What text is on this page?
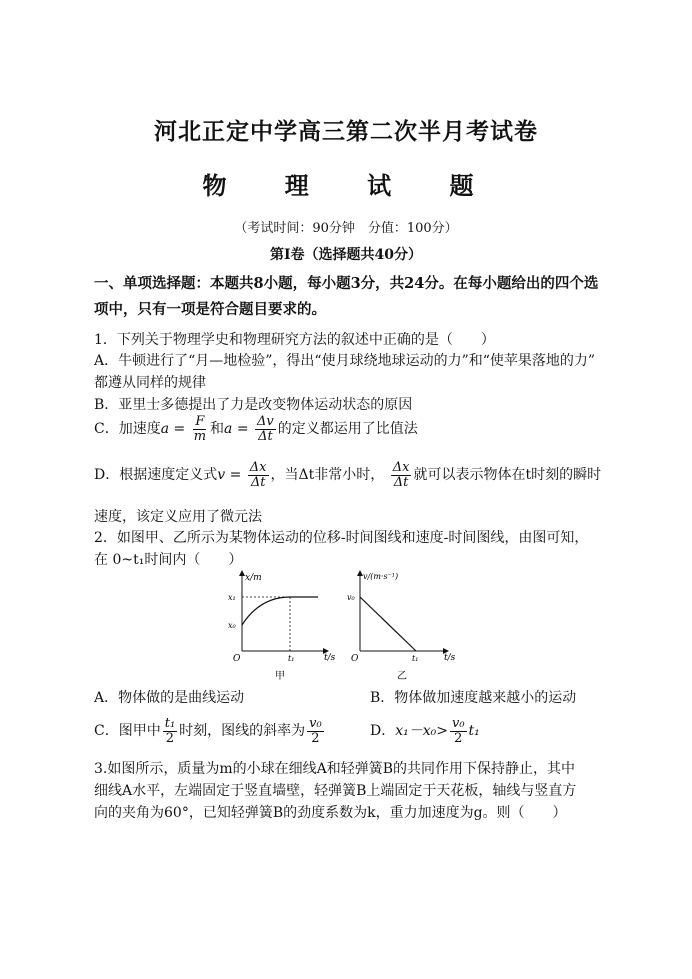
河北正定中学高三第二次半月考试卷
物 理 试 题
（考试时间：90分钟　分值：100分）
第Ⅰ卷（选择题共40分）
一、单项选择题：本题共8小题，每小题3分，共24分。在每小题给出的四个选
项中，只有一项是符合题目要求的。
1．下列关于物理学史和物理研究方法的叙述中正确的是（　　）
A．牛顿进行了“月—地检验”，得出“使月球绕地球运动的力”和“使苹果落地的力”
都遵从同样的规律
B．亚里士多德提出了力是改变物体运动状态的原因
C．加速度$a = \frac{F}{m}$ 和$a = \frac{\Delta v}{\Delta t}$ 的定义都运用了比值法
D．根据速度定义式$v = \frac{\Delta x}{\Delta t}$ ，当Δt非常小时， $\frac{\Delta x}{\Delta t}$ 就可以表示物体在t时刻的瞬时
速度，该定义应用了微元法
2．如图甲、乙所示为某物体运动的位移-时间图线和速度-时间图线，由图可知，
在 0~t₁时间内（　　）
x/m
t/s
O
x₁
x₀
t₁
甲
v/(m·s⁻¹)
t/s
O
v₀
t₁
乙
A．物体做的是曲线运动	B．物体做加速度越来越小的运动
C．图甲中 $\frac{\text{t₁}}{2}$ 时刻，图线的斜率为 $\frac{\text{v₀}}{2}$	D．$x_1-x_0> \frac{\text{v₀}}{2} t_1$
3.如图所示，质量为m的小球在细线A和轻弹簧B的共同作用下保持静止，其中
细线A水平，左端固定于竖直墙壁，轻弹簧B上端固定于天花板，轴线与竖直方
向的夹角为60°，已知轻弹簧B的劲度系数为k，重力加速度为g。则（　　）
